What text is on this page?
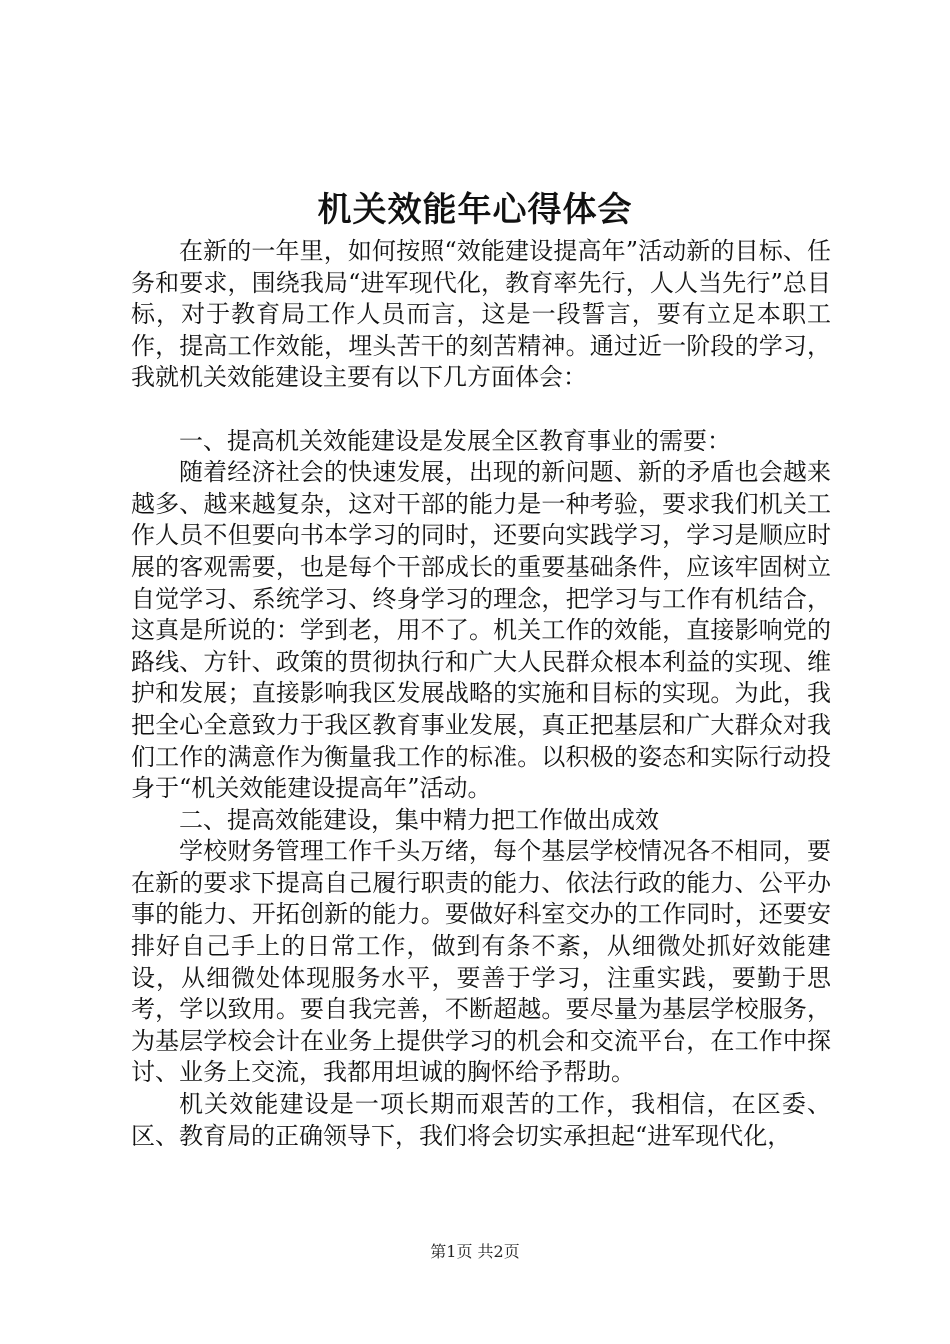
机关效能年心得体会

在新的一年里，如何按照“效能建设提高年”活动新的目标、任务和要求，围绕我局“进军现代化，教育率先行，人人当先行”总目标，对于教育局工作人员而言，这是一段誓言，要有立足本职工作，提高工作效能，埋头苦干的刻苦精神。通过近一阶段的学习，我就机关效能建设主要有以下几方面体会：

一、提高机关效能建设是发展全区教育事业的需要：

随着经济社会的快速发展，出现的新问题、新的矛盾也会越来越多、越来越复杂，这对干部的能力是一种考验，要求我们机关工作人员不但要向书本学习的同时，还要向实践学习，学习是顺应时展的客观需要，也是每个干部成长的重要基础条件，应该牢固树立自觉学习、系统学习、终身学习的理念，把学习与工作有机结合，这真是所说的：学到老，用不了。机关工作的效能，直接影响党的路线、方针、政策的贯彻执行和广大人民群众根本利益的实现、维护和发展；直接影响我区发展战略的实施和目标的实现。为此，我把全心全意致力于我区教育事业发展，真正把基层和广大群众对我们工作的满意作为衡量我工作的标准。以积极的姿态和实际行动投身于“机关效能建设提高年”活动。

二、提高效能建设，集中精力把工作做出成效

学校财务管理工作千头万绪，每个基层学校情况各不相同，要在新的要求下提高自己履行职责的能力、依法行政的能力、公平办事的能力、开拓创新的能力。要做好科室交办的工作同时，还要安排好自己手上的日常工作，做到有条不紊，从细微处抓好效能建设，从细微处体现服务水平，要善于学习，注重实践，要勤于思考，学以致用。要自我完善，不断超越。要尽量为基层学校服务，为基层学校会计在业务上提供学习的机会和交流平台，在工作中探讨、业务上交流，我都用坦诚的胸怀给予帮助。

机关效能建设是一项长期而艰苦的工作，我相信，在区委、区、教育局的正确领导下，我们将会切实承担起“进军现代化，

第1页 共2页
